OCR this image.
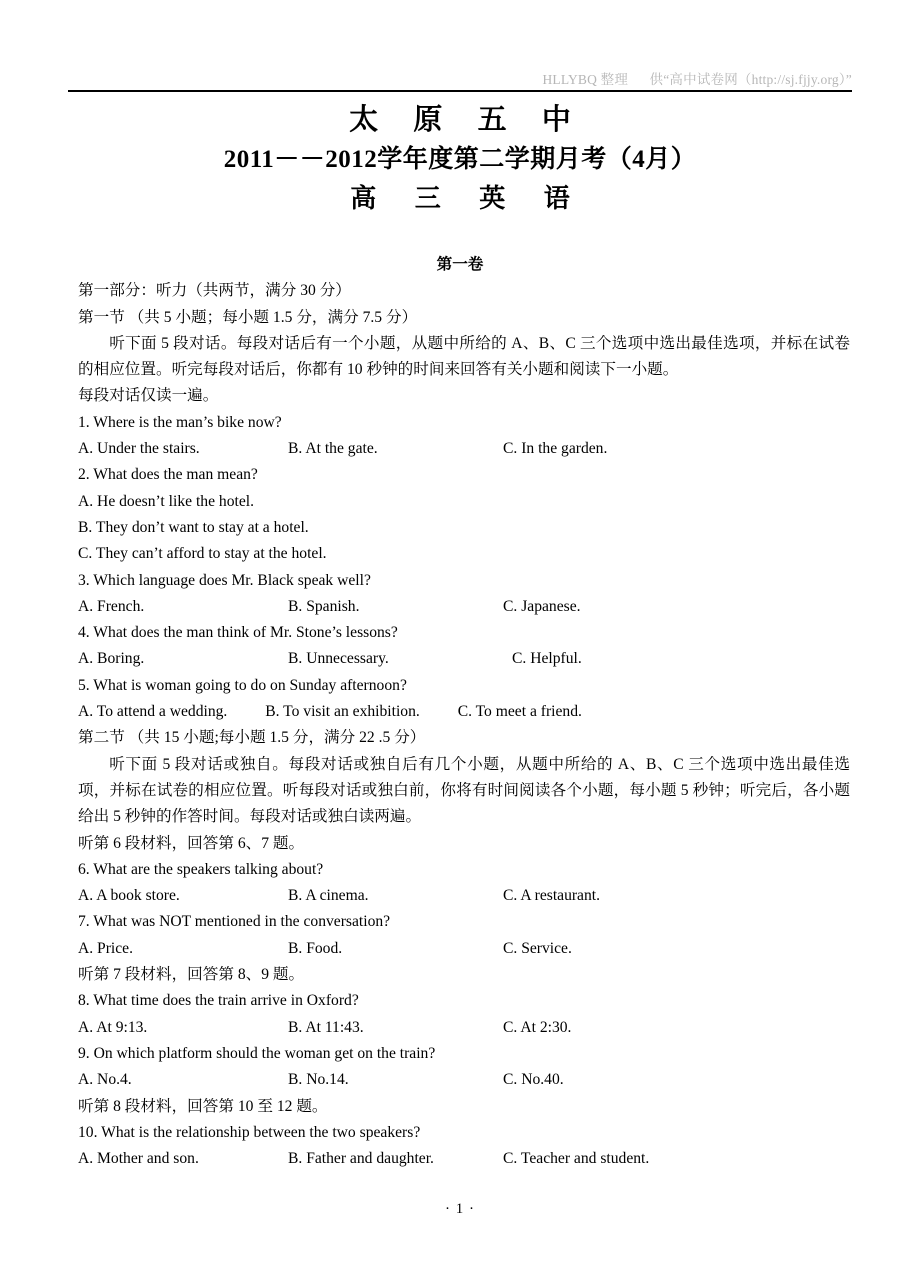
HLLYBQ 整理 供“高中试卷网（http://sj.fjjy.org）”
太 原 五 中
2011－－2012学年度第二学期月考（4月）
高 三 英 语
第一卷
第一部分：听力（共两节，满分 30 分）
第一节 （共 5 小题；每小题 1.5 分，满分 7.5 分）
听下面 5 段对话。每段对话后有一个小题，从题中所给的 A、B、C 三个选项中选出最佳选项，并标在试卷的相应位置。听完每段对话后，你都有 10 秒钟的时间来回答有关小题和阅读下一小题。
每段对话仅读一遍。
1. Where is the man’s bike now?
A. Under the stairs.	B. At the gate.	C. In the garden.
2. What does the man mean?
A. He doesn’t like the hotel.
B. They don’t want to stay at a hotel.
C. They can’t afford to stay at the hotel.
3. Which language does Mr. Black speak well?
A. French.	B. Spanish.	C. Japanese.
4. What does the man think of Mr. Stone’s lessons?
A. Boring.	B. Unnecessary.	C. Helpful.
5. What is woman going to do on Sunday afternoon?
A. To attend a wedding. B. To visit an exhibition. C. To meet a friend.
第二节 （共 15 小题;每小题 1.5 分，满分 22 .5 分）
听下面 5 段对话或独自。每段对话或独自后有几个小题，从题中所给的 A、B、C 三个选项中选出最佳选项，并标在试卷的相应位置。听每段对话或独白前，你将有时间阅读各个小题，每小题 5 秒钟；听完后，各小题给出 5 秒钟的作答时间。每段对话或独白读两遍。
听第 6 段材料，回答第 6、7 题。
6. What are the speakers talking about?
A. A book store.	B. A cinema.	C. A restaurant.
7. What was NOT mentioned in the conversation?
A. Price.	B. Food.	C. Service.
听第 7 段材料，回答第 8、9 题。
8. What time does the train arrive in Oxford?
A. At 9:13.	B. At 11:43.	C. At 2:30.
9. On which platform should the woman get on the train?
A. No.4.	B. No.14.	C. No.40.
听第 8 段材料，回答第 10 至 12 题。
10. What is the relationship between the two speakers?
A. Mother and son.	B. Father and daughter.	C. Teacher and student.
· 1 ·
